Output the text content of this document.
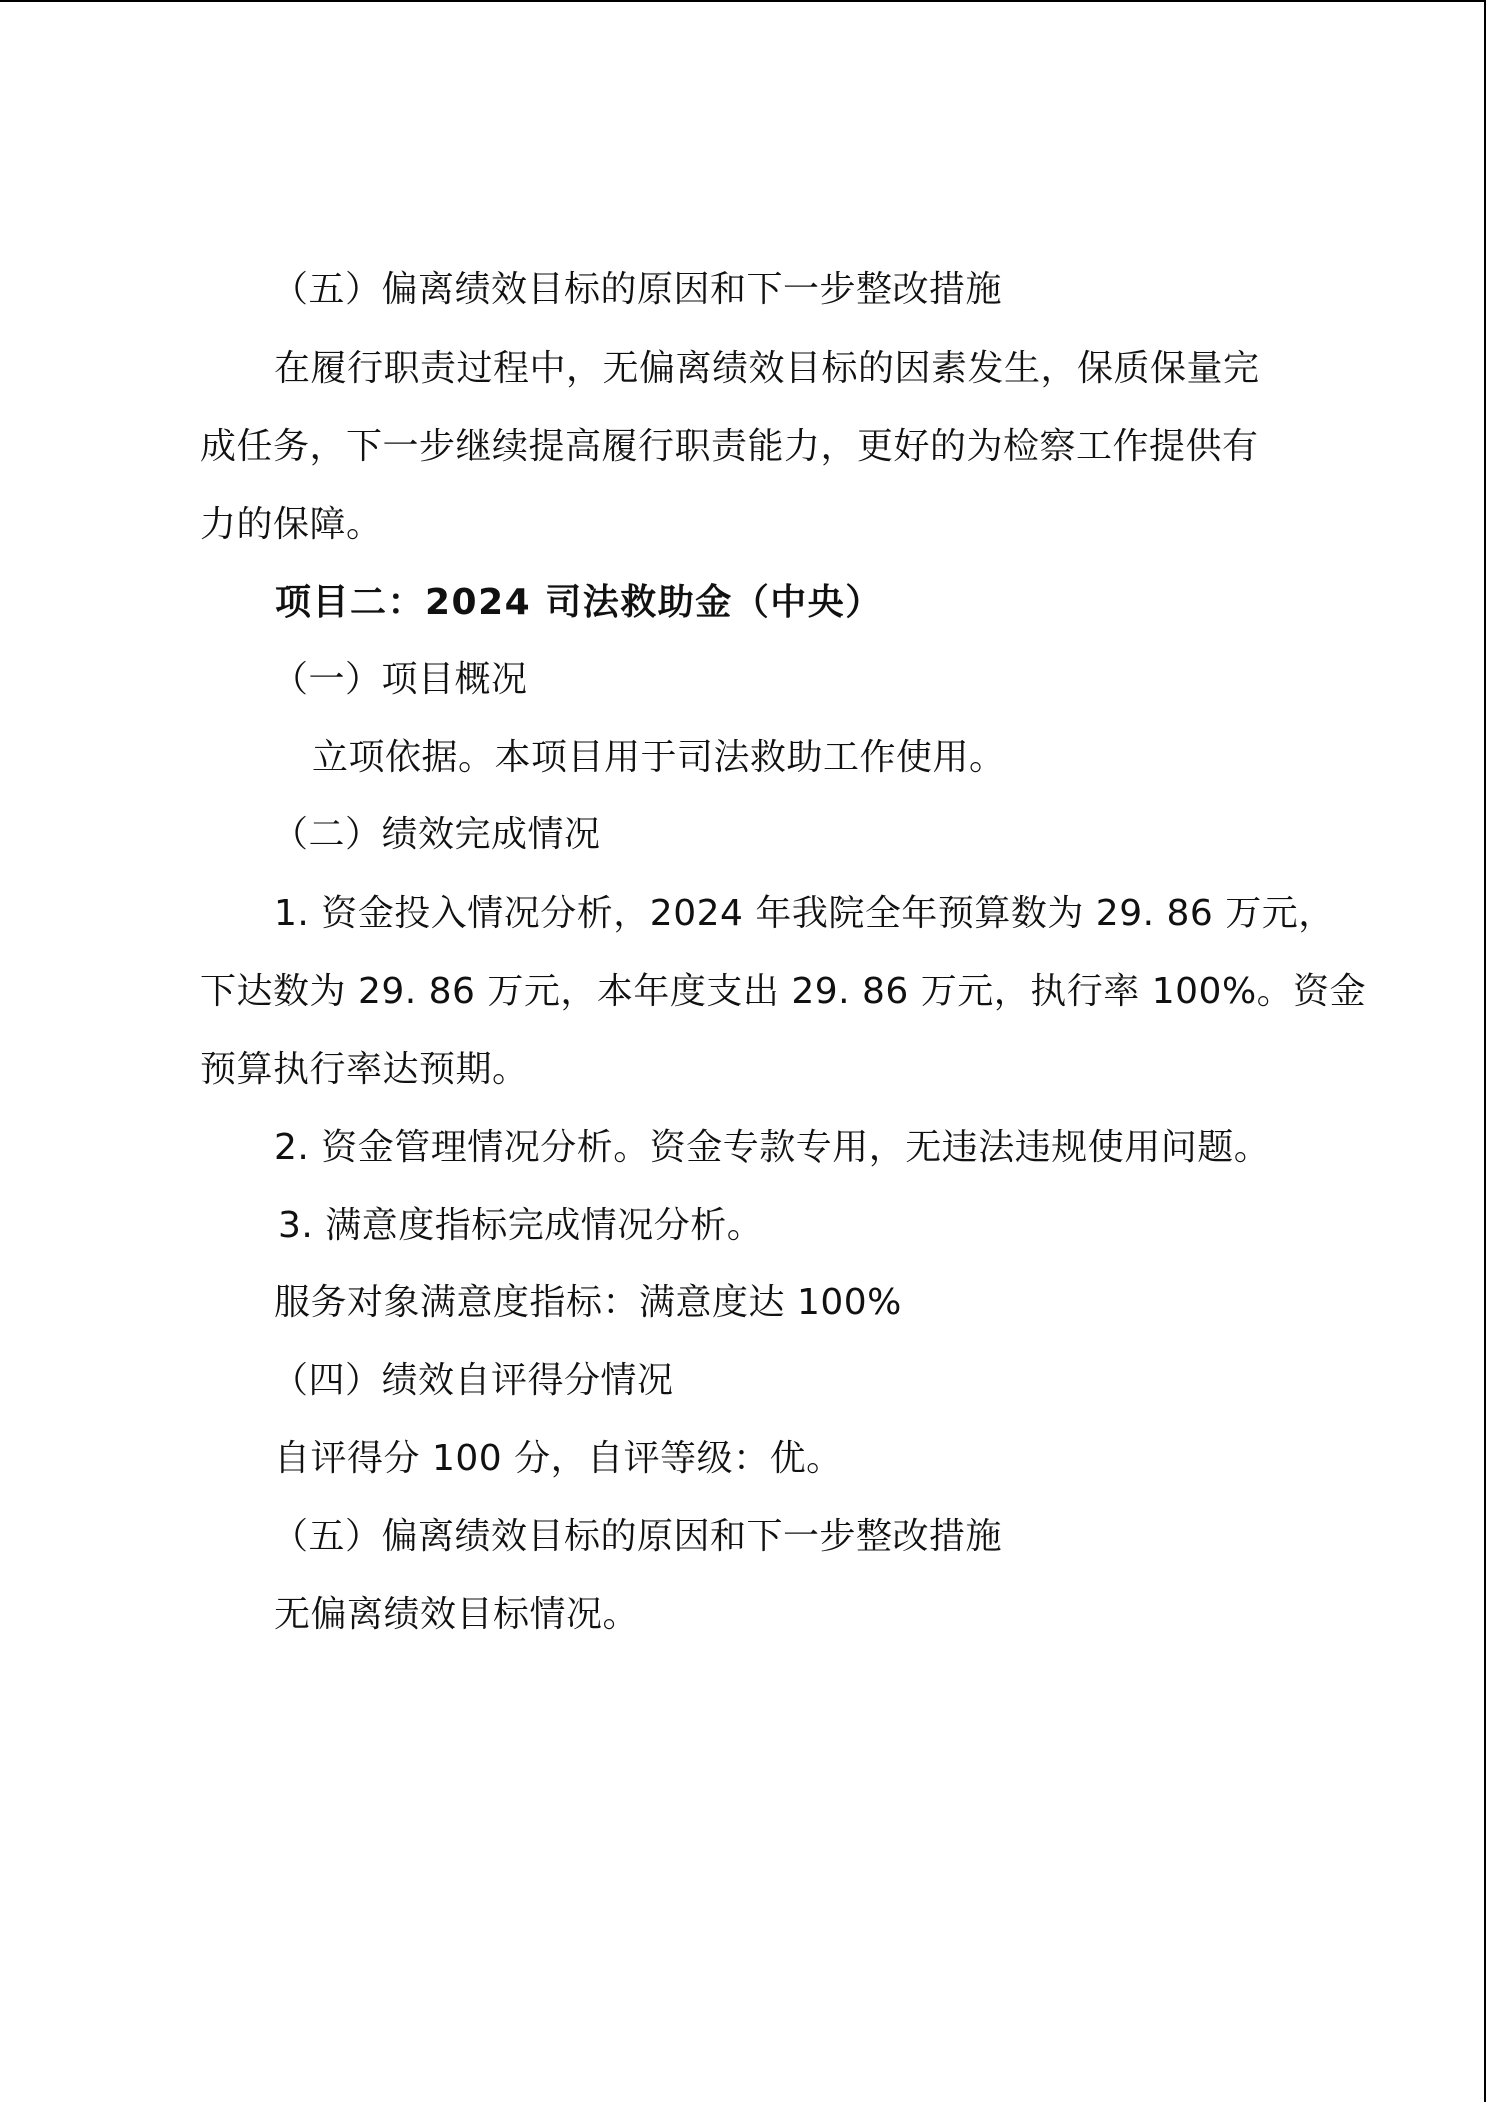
（五）偏离绩效目标的原因和下一步整改措施

在履行职责过程中，无偏离绩效目标的因素发生，保质保量完

成任务，下一步继续提高履行职责能力，更好的为检察工作提供有

力的保障。

项目二：2024 司法救助金（中央）

（一）项目概况

立项依据。本项目用于司法救助工作使用。

（二）绩效完成情况

1. 资金投入情况分析，2024 年我院全年预算数为 29. 86 万元，

下达数为 29. 86 万元，本年度支出 29. 86 万元，执行率 100%。资金

预算执行率达预期。

2. 资金管理情况分析。资金专款专用，无违法违规使用问题。

3. 满意度指标完成情况分析。

服务对象满意度指标：满意度达 100%

（四）绩效自评得分情况

自评得分 100 分，自评等级：优。

（五）偏离绩效目标的原因和下一步整改措施

无偏离绩效目标情况。
